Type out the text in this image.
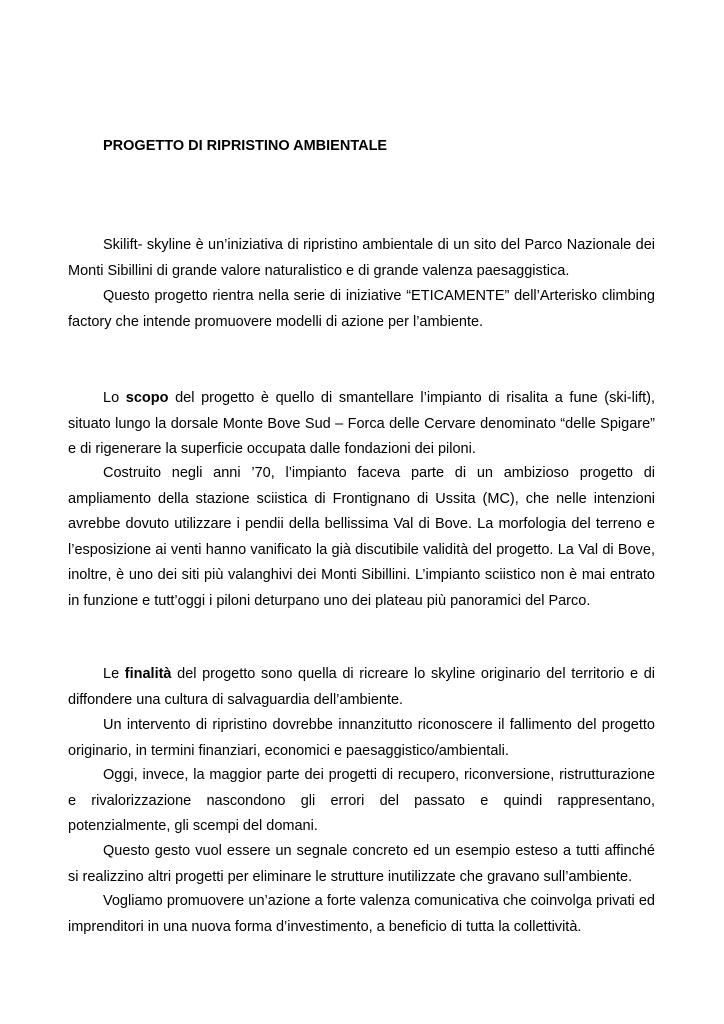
PROGETTO DI RIPRISTINO AMBIENTALE

Skilift- skyline è un’iniziativa di ripristino ambientale di un sito del Parco Nazionale dei Monti Sibillini di grande valore naturalistico e di grande valenza paesaggistica.

Questo progetto rientra nella serie di iniziative “ETICAMENTE” dell’Arterisko climbing factory che intende promuovere modelli di azione per l’ambiente.

Lo scopo del progetto è quello di smantellare l’impianto di risalita a fune (ski-lift), situato lungo la dorsale Monte Bove Sud – Forca delle Cervare denominato “delle Spigare” e di rigenerare la superficie occupata dalle fondazioni dei piloni.

Costruito negli anni ’70, l’impianto faceva parte di un ambizioso progetto di ampliamento della stazione sciistica di Frontignano di Ussita (MC), che nelle intenzioni avrebbe dovuto utilizzare i pendii della bellissima Val di Bove. La morfologia del terreno e l’esposizione ai venti hanno vanificato la già discutibile validità del progetto. La Val di Bove, inoltre, è uno dei siti più valanghivi dei Monti Sibillini. L’impianto sciistico non è mai entrato in funzione e tutt’oggi i piloni deturpano uno dei plateau più panoramici del Parco.

Le finalità del progetto sono quella di ricreare lo skyline originario del territorio e di diffondere una cultura di salvaguardia dell’ambiente.

Un intervento di ripristino dovrebbe innanzitutto riconoscere il fallimento del progetto originario, in termini finanziari, economici e paesaggistico/ambientali.

Oggi, invece, la maggior parte dei progetti di recupero, riconversione, ristrutturazione e rivalorizzazione nascondono gli errori del passato e quindi rappresentano, potenzialmente, gli scempi del domani.

Questo gesto vuol essere un segnale concreto ed un esempio esteso a tutti affinché si realizzino altri progetti per eliminare le strutture inutilizzate che gravano sull’ambiente.

Vogliamo promuovere un’azione a forte valenza comunicativa che coinvolga privati ed imprenditori in una nuova forma d’investimento, a beneficio di tutta la collettività.
